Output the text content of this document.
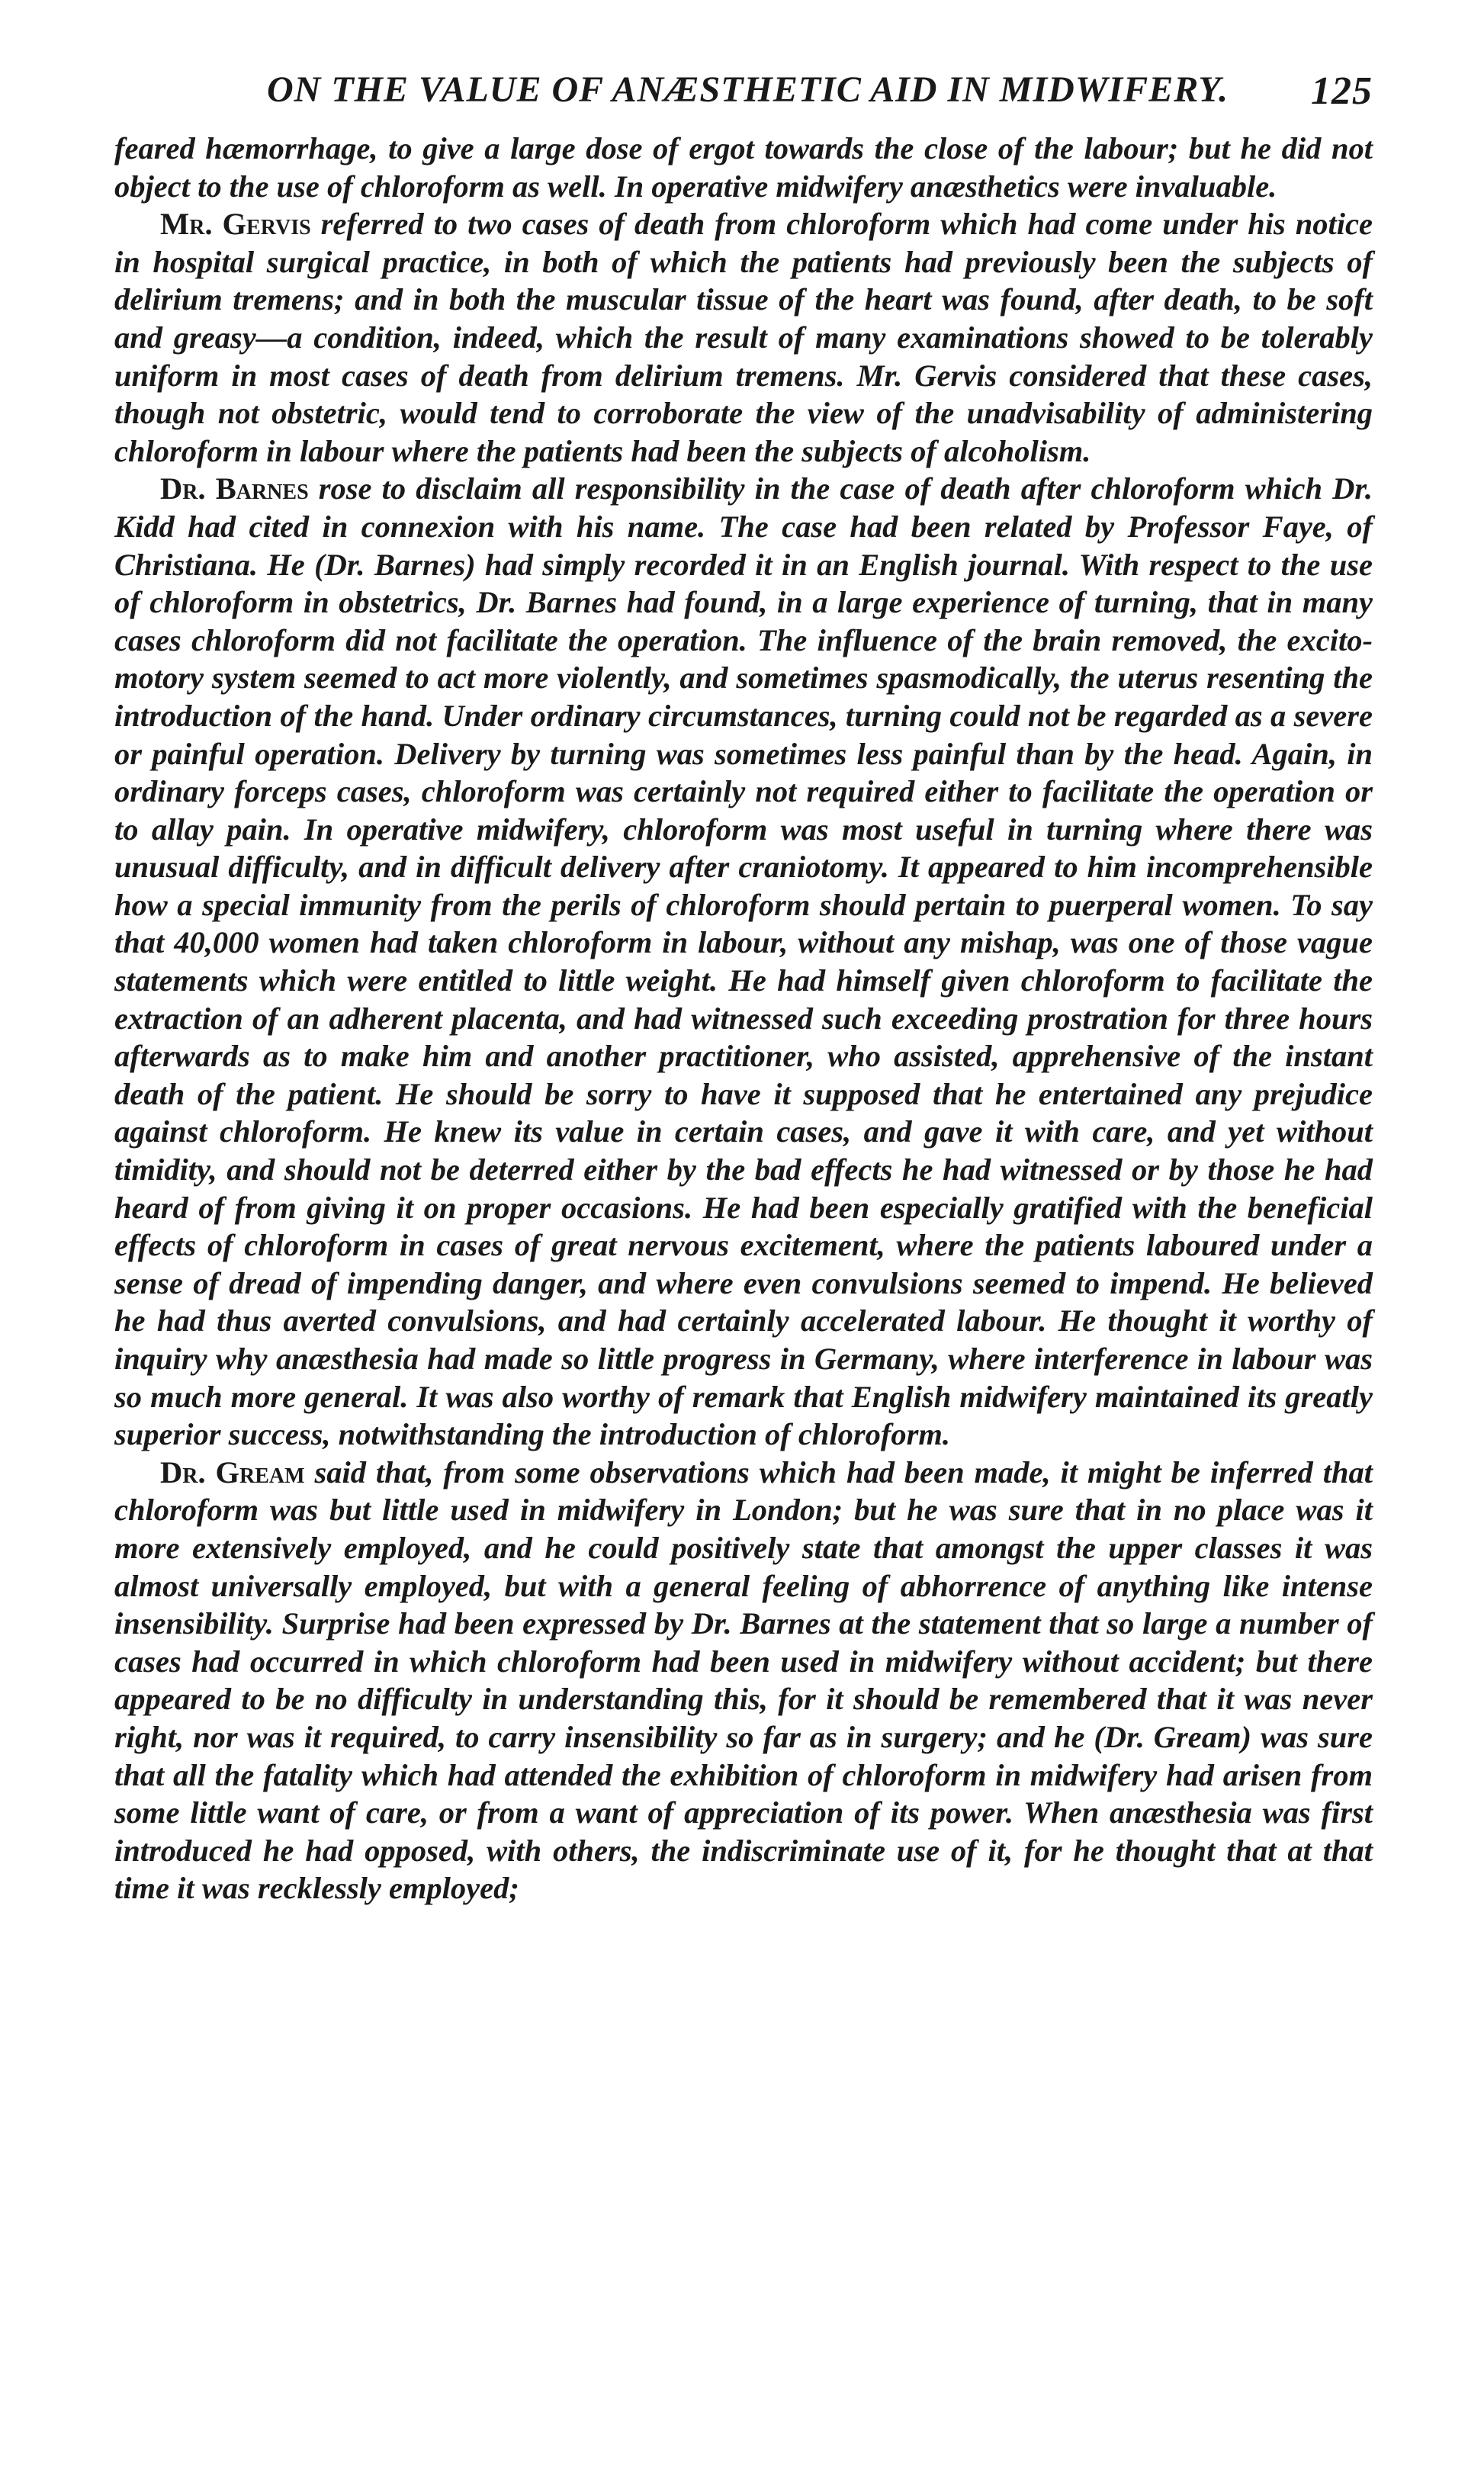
ON THE VALUE OF ANÆSTHETIC AID IN MIDWIFERY. 125

feared hæmorrhage, to give a large dose of ergot towards the close of the labour; but he did not object to the use of chloroform as well. In operative midwifery anæsthetics were invaluable.

Mr. Gervis referred to two cases of death from chloroform which had come under his notice in hospital surgical practice, in both of which the patients had previously been the subjects of delirium tremens; and in both the muscular tissue of the heart was found, after death, to be soft and greasy—a condition, indeed, which the result of many examinations showed to be tolerably uniform in most cases of death from delirium tremens. Mr. Gervis considered that these cases, though not obstetric, would tend to corroborate the view of the unadvisability of administering chloroform in labour where the patients had been the subjects of alcoholism.

Dr. Barnes rose to disclaim all responsibility in the case of death after chloroform which Dr. Kidd had cited in connexion with his name. The case had been related by Professor Faye, of Christiana. He (Dr. Barnes) had simply recorded it in an English journal. With respect to the use of chloroform in obstetrics, Dr. Barnes had found, in a large experience of turning, that in many cases chloroform did not facilitate the operation. The influence of the brain removed, the excito-motory system seemed to act more violently, and sometimes spasmodically, the uterus resenting the introduction of the hand. Under ordinary circumstances, turning could not be regarded as a severe or painful operation. Delivery by turning was sometimes less painful than by the head. Again, in ordinary forceps cases, chloroform was certainly not required either to facilitate the operation or to allay pain. In operative midwifery, chloroform was most useful in turning where there was unusual difficulty, and in difficult delivery after craniotomy. It appeared to him incomprehensible how a special immunity from the perils of chloroform should pertain to puerperal women. To say that 40,000 women had taken chloroform in labour, without any mishap, was one of those vague statements which were entitled to little weight. He had himself given chloroform to facilitate the extraction of an adherent placenta, and had witnessed such exceeding prostration for three hours afterwards as to make him and another practitioner, who assisted, apprehensive of the instant death of the patient. He should be sorry to have it supposed that he entertained any prejudice against chloroform. He knew its value in certain cases, and gave it with care, and yet without timidity, and should not be deterred either by the bad effects he had witnessed or by those he had heard of from giving it on proper occasions. He had been especially gratified with the beneficial effects of chloroform in cases of great nervous excitement, where the patients laboured under a sense of dread of impending danger, and where even convulsions seemed to impend. He believed he had thus averted convulsions, and had certainly accelerated labour. He thought it worthy of inquiry why anæsthesia had made so little progress in Germany, where interference in labour was so much more general. It was also worthy of remark that English midwifery maintained its greatly superior success, notwithstanding the introduction of chloroform.

Dr. Gream said that, from some observations which had been made, it might be inferred that chloroform was but little used in midwifery in London; but he was sure that in no place was it more extensively employed, and he could positively state that amongst the upper classes it was almost universally employed, but with a general feeling of abhorrence of anything like intense insensibility. Surprise had been expressed by Dr. Barnes at the statement that so large a number of cases had occurred in which chloroform had been used in midwifery without accident; but there appeared to be no difficulty in understanding this, for it should be remembered that it was never right, nor was it required, to carry insensibility so far as in surgery; and he (Dr. Gream) was sure that all the fatality which had attended the exhibition of chloroform in midwifery had arisen from some little want of care, or from a want of appreciation of its power. When anæsthesia was first introduced he had opposed, with others, the indiscriminate use of it, for he thought that at that time it was recklessly employed;
